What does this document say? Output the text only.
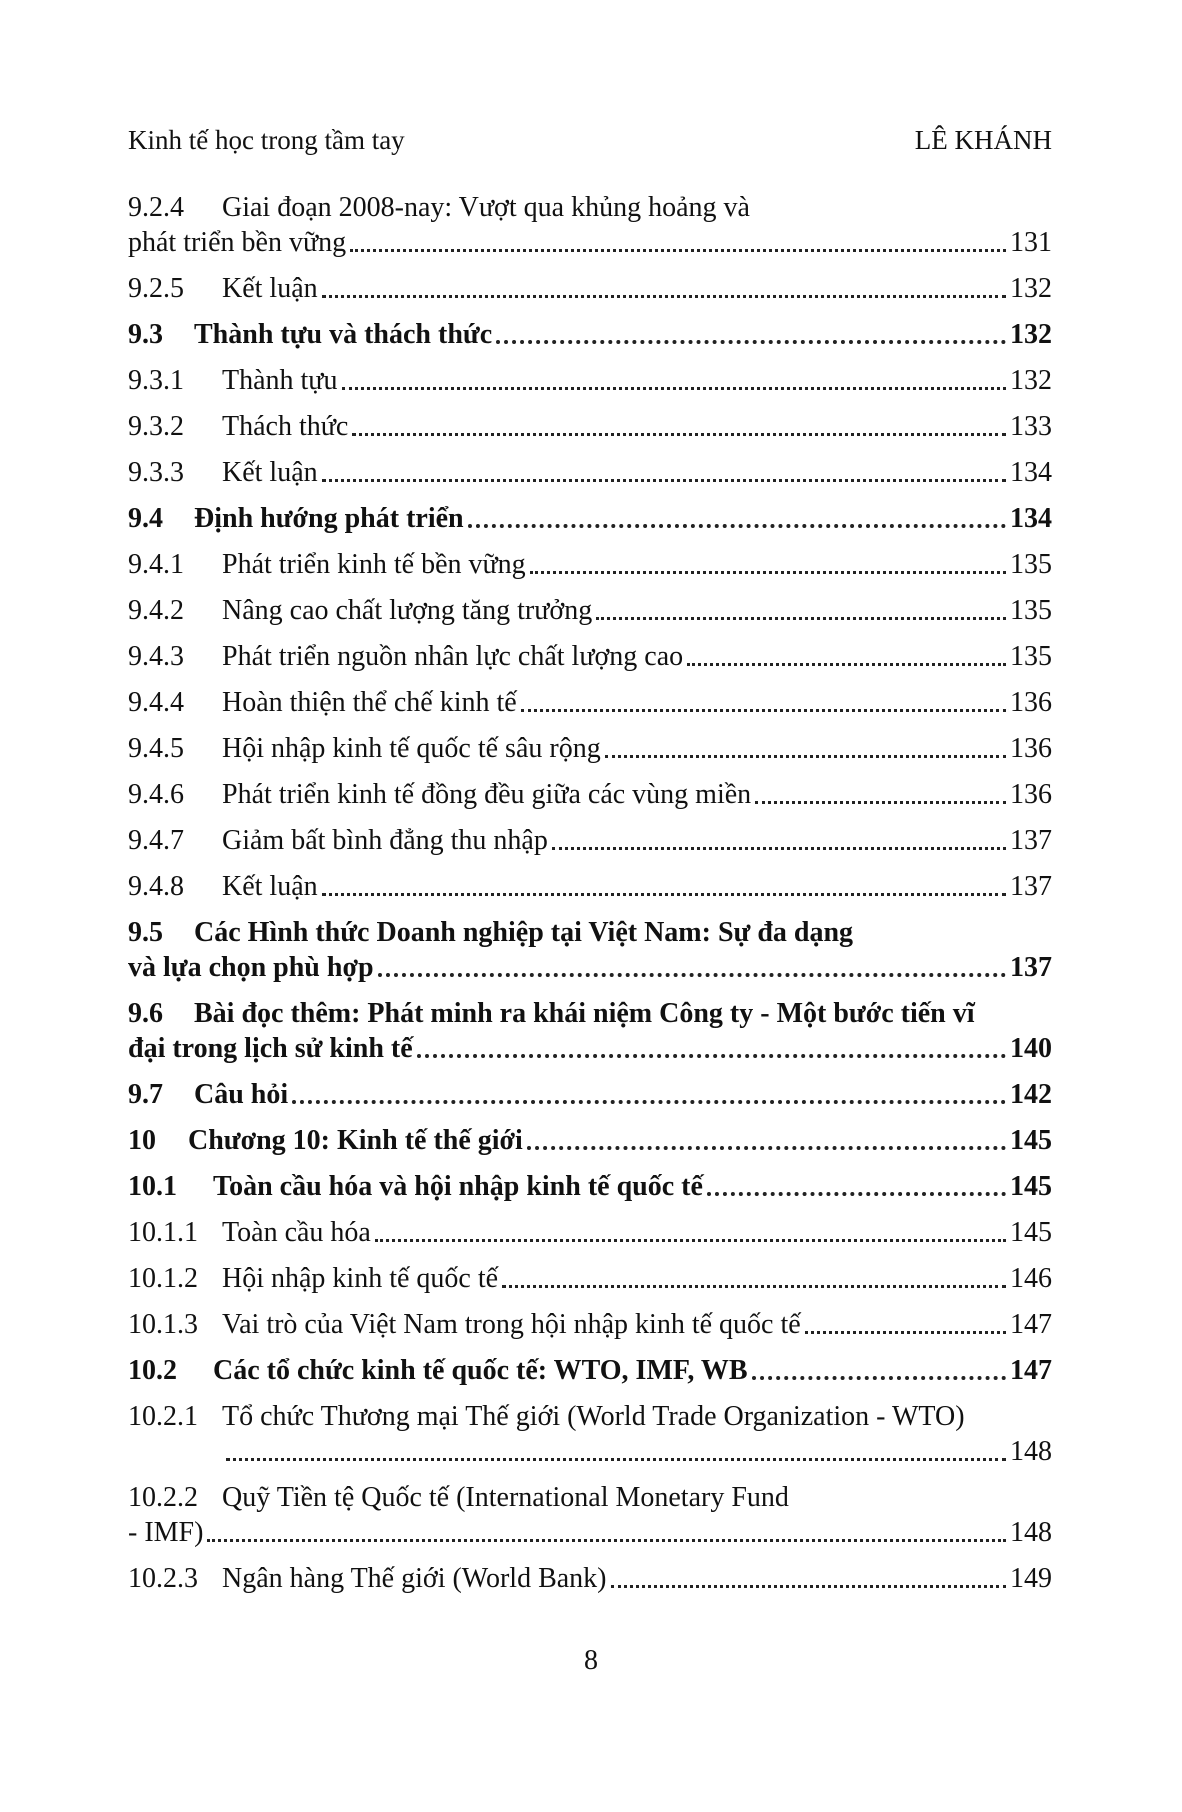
Kinh tế học trong tầm tay	LÊ KHÁNH
9.2.4 Giai đoạn 2008-nay: Vượt qua khủng hoảng và
phát triển bền vững	131
9.2.5	Kết luận	132
9.3	Thành tựu và thách thức	132
9.3.1	Thành tựu	132
9.3.2	Thách thức	133
9.3.3	Kết luận	134
9.4	Định hướng phát triển	134
9.4.1	Phát triển kinh tế bền vững	135
9.4.2	Nâng cao chất lượng tăng trưởng	135
9.4.3	Phát triển nguồn nhân lực chất lượng cao	135
9.4.4	Hoàn thiện thể chế kinh tế	136
9.4.5	Hội nhập kinh tế quốc tế sâu rộng	136
9.4.6	Phát triển kinh tế đồng đều giữa các vùng miền	136
9.4.7	Giảm bất bình đẳng thu nhập	137
9.4.8	Kết luận	137
9.5 Các Hình thức Doanh nghiệp tại Việt Nam: Sự đa dạng
và lựa chọn phù hợp	137
9.6 Bài đọc thêm: Phát minh ra khái niệm Công ty - Một bước tiến vĩ
đại trong lịch sử kinh tế	140
9.7	Câu hỏi	142
10	Chương 10: Kinh tế thế giới	145
10.1	Toàn cầu hóa và hội nhập kinh tế quốc tế	145
10.1.1 Toàn cầu hóa	145
10.1.2 Hội nhập kinh tế quốc tế	146
10.1.3 Vai trò của Việt Nam trong hội nhập kinh tế quốc tế	147
10.2	Các tổ chức kinh tế quốc tế: WTO, IMF, WB	147
10.2.1 Tổ chức Thương mại Thế giới (World Trade Organization - WTO)
148
10.2.2 Quỹ Tiền tệ Quốc tế (International Monetary Fund
- IMF)	148
10.2.3 Ngân hàng Thế giới (World Bank)	149
8
